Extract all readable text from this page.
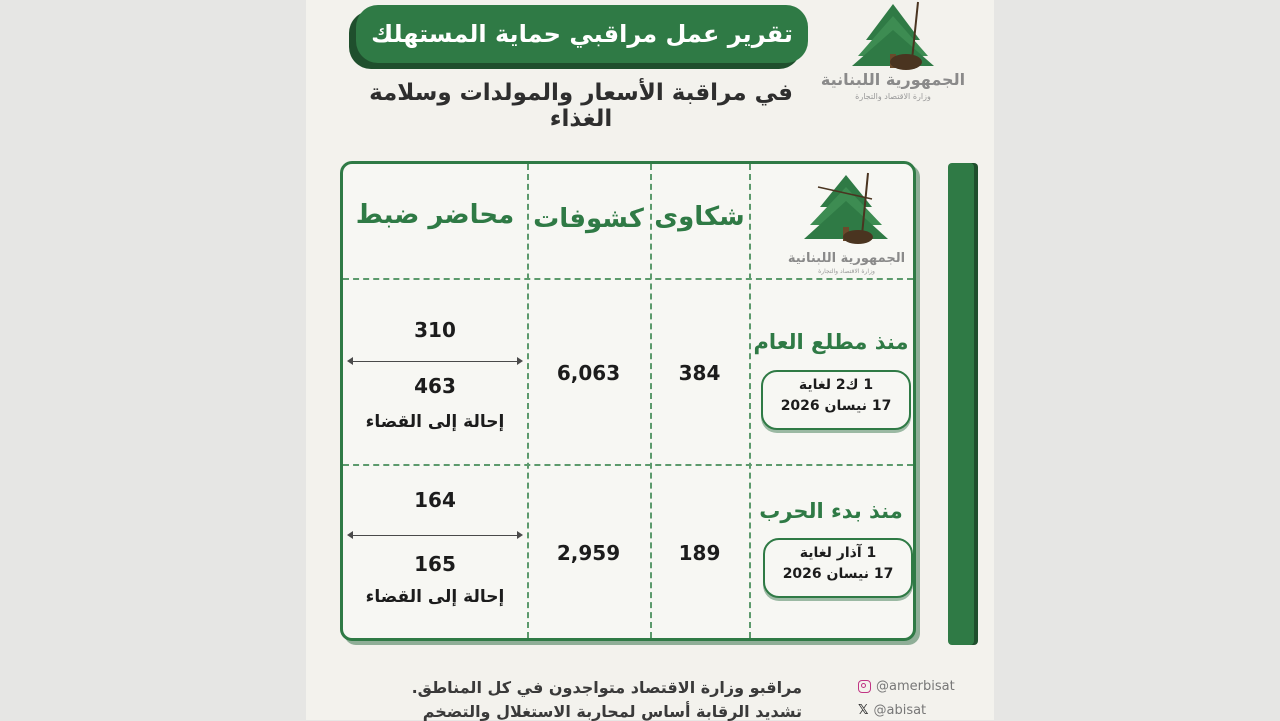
تقرير عمل مراقبي حماية المستهلك
في مراقبة الأسعار والمولدات وسلامة الغذاء
الجمهورية اللبنانية
وزارة الاقتصاد والتجارة
محاضر ضبط كشوفات شكاوى
الجمهورية اللبنانية
وزارة الاقتصاد والتجارة
310
463
إحالة إلى القضاء
6,063	384
منذ مطلع العام
1 ك2 لغاية
17 نيسان 2026
164
165
إحالة إلى القضاء
2,959	189
منذ بدء الحرب
1 آذار لغاية
17 نيسان 2026
مراقبو وزارة الاقتصاد متواجدون في كل المناطق.
تشديد الرقابة أساس لمحاربة الاستغلال والتضخم
@amerbisat
𝕏 @abisat
